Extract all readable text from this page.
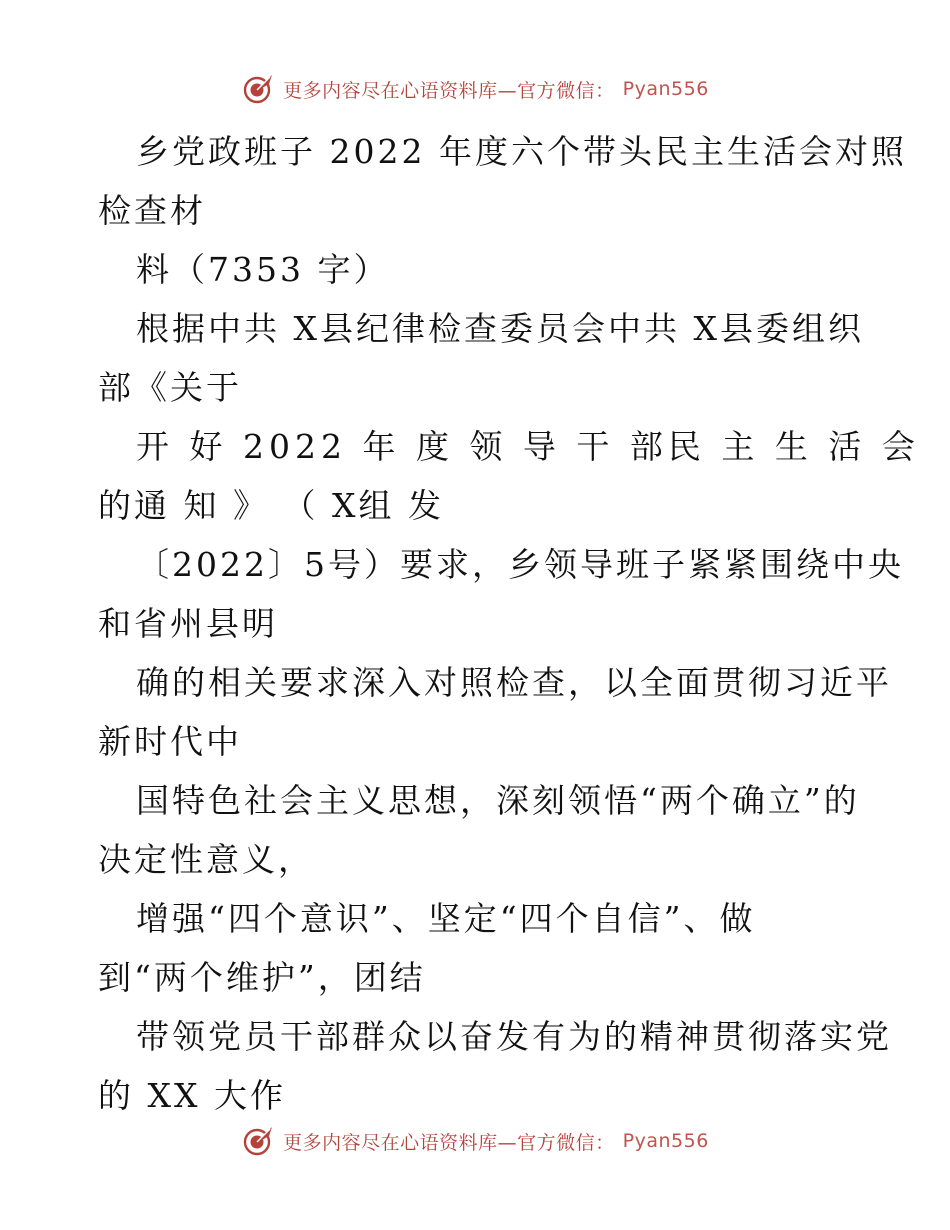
更多内容尽在心语资料库—官方微信： Pyan556
乡党政班子 2022 年度六个带头民主生活会对照
检查材
料（7353 字）
根据中共 X县纪律检查委员会中共 X县委组织
部《关于
开 好 2022 年 度 领 导 干 部民 主 生 活 会
的通 知 》 （ X组 发
〔2022〕5号）要求，乡领导班子紧紧围绕中央
和省州县明
确的相关要求深入对照检查，以全面贯彻习近平
新时代中
国特色社会主义思想，深刻领悟“两个确立”的
决定性意义，
增强“四个意识”、坚定“四个自信”、做
到“两个维护”，团结
带领党员干部群众以奋发有为的精神贯彻落实党
的 XX 大作
更多内容尽在心语资料库—官方微信： Pyan556
